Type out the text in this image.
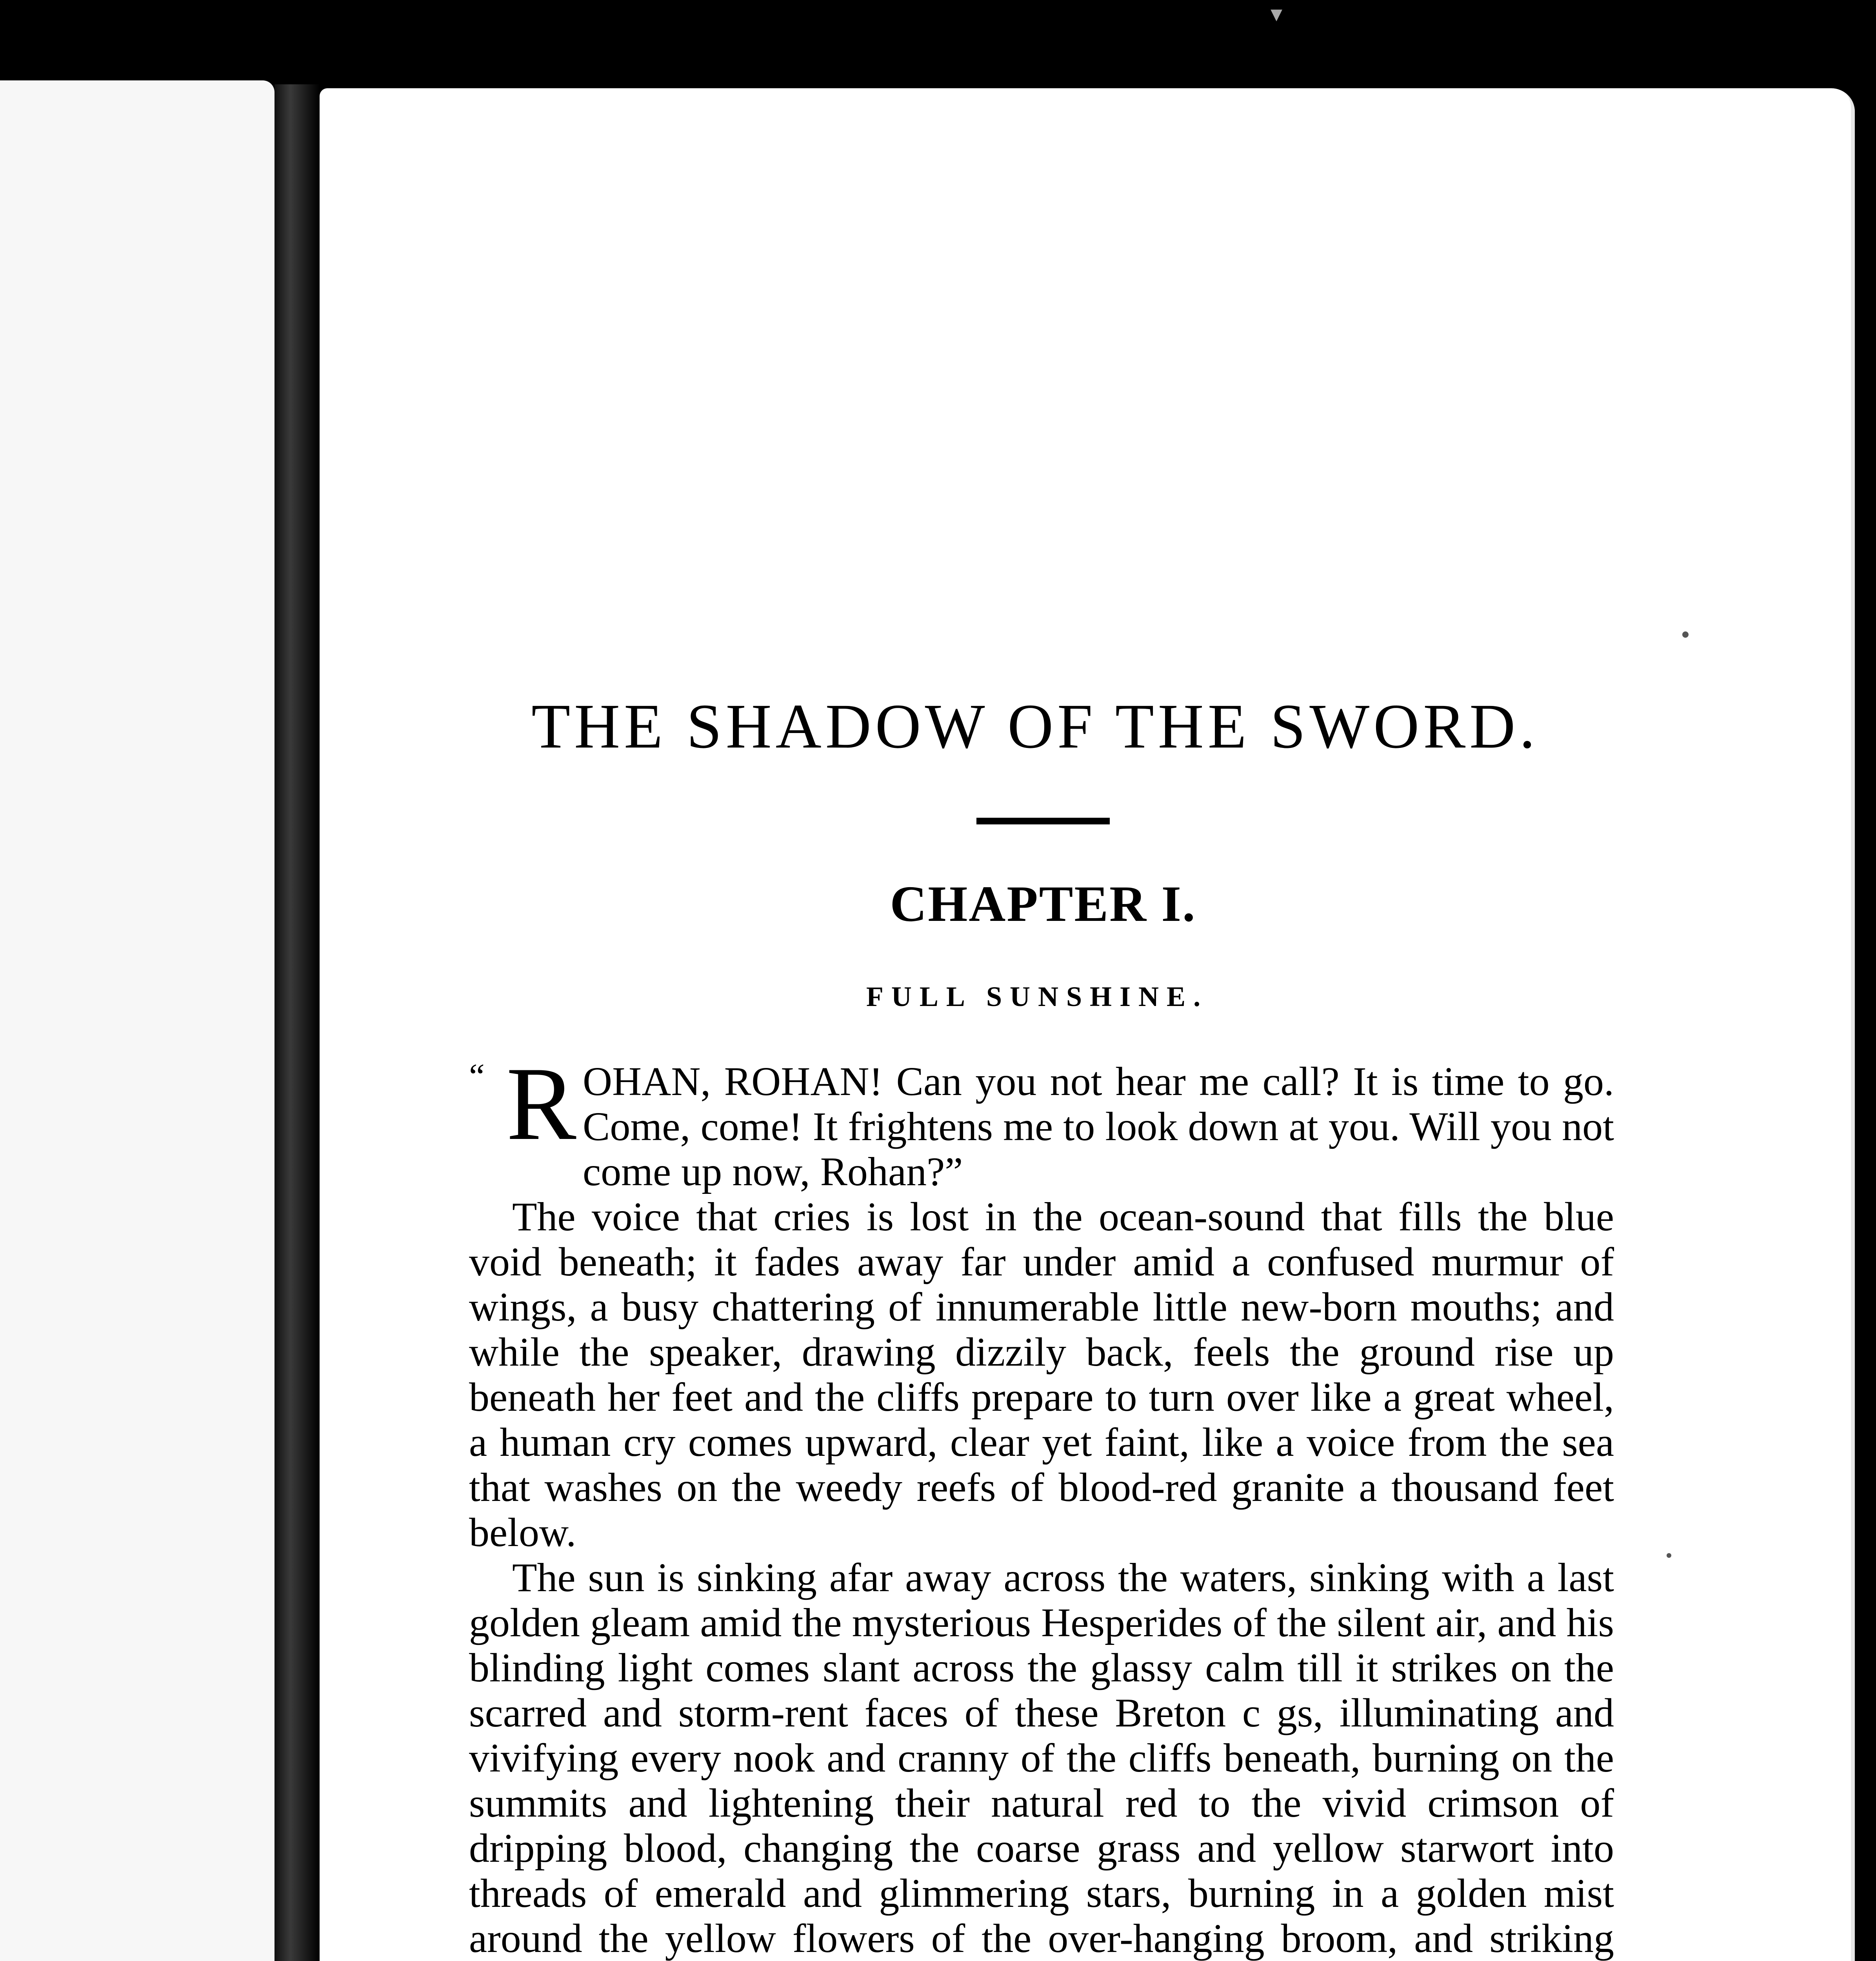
▾
THE SHADOW OF THE SWORD.
CHAPTER I.
FULL SUNSHINE.

“ R OHAN, ROHAN! Can you not hear me call? It is time to go. Come, come! It frightens me to look down at you. Will you not come up now, Rohan?”

The voice that cries is lost in the ocean-sound that fills the blue void beneath; it fades away far under amid a confused murmur of wings, a busy chattering of innumerable little new-born mouths; and while the speaker, drawing dizzily back, feels the ground rise up beneath her feet and the cliffs prepare to turn over like a great wheel, a human cry comes upward, clear yet faint, like a voice from the sea that washes on the weedy reefs of blood-red granite a thousand feet below.

The sun is sinking afar away across the waters, sinking with a last golden gleam amid the mysterious Hesperides of the silent air, and his blinding light comes slant across the glassy calm till it strikes on the scarred and storm-rent faces of these Breton c gs, illuminating and vivifying every nook and cranny of the cliffs beneath, burning on the summits and lightening their natural red to the vivid crimson of dripping blood, changing the coarse grass and yellow starwort into threads of emerald and glimmering stars, burning in a golden mist around the yellow flowers of the over-hanging broom, and striking
